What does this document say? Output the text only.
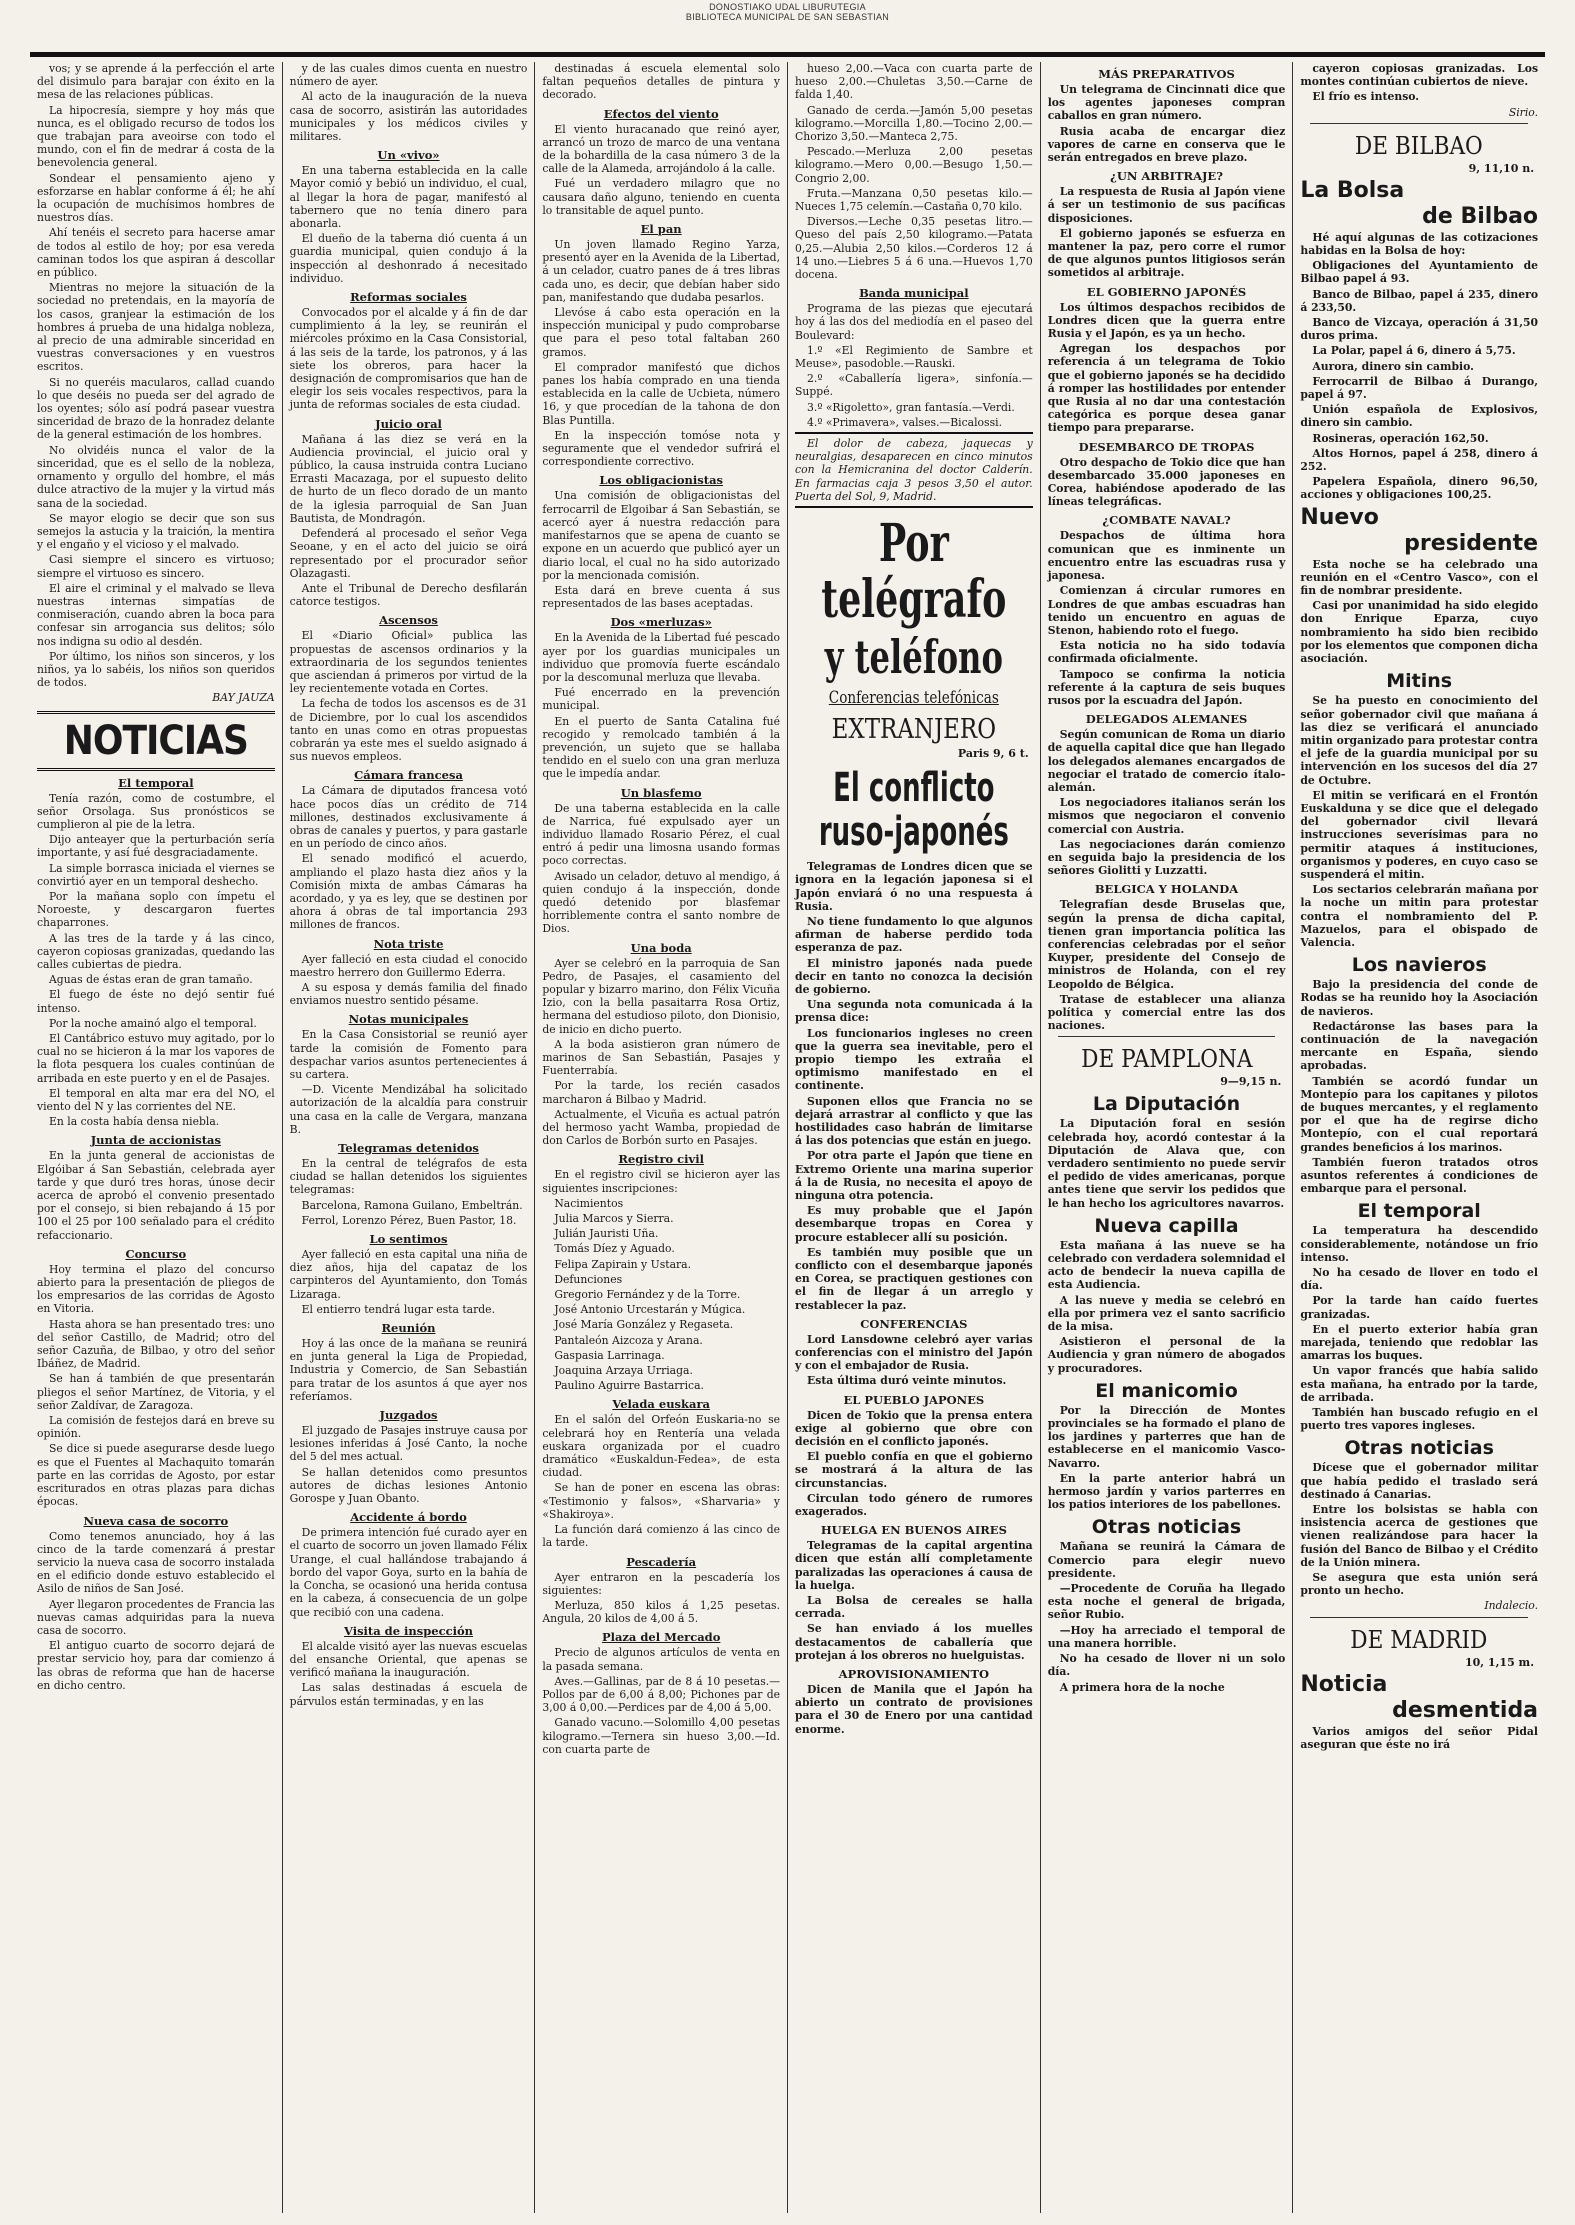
DONOSTIAKO UDAL LIBURUTEGIA
BIBLIOTECA MUNICIPAL DE SAN SEBASTIAN

vos; y se aprende á la perfección el arte del disimulo para barajar con éxito en la mesa de las relaciones públicas.

La hipocresía, siempre y hoy más que nunca, es el obligado recurso de todos los que trabajan para aveoirse con todo el mundo, con el fin de medrar á costa de la benevolencia general.

Sondear el pensamiento ajeno y esforzarse en hablar conforme á él; he ahí la ocupación de muchísimos hombres de nuestros días.

Ahí tenéis el secreto para hacerse amar de todos al estilo de hoy; por esa vereda caminan todos los que aspiran á descollar en público.

Mientras no mejore la situación de la sociedad no pretendais, en la mayoría de los casos, granjear la estimación de los hombres á prueba de una hidalga nobleza, al precio de una admirable sinceridad en vuestras conversaciones y en vuestros escritos.

Si no queréis macularos, callad cuando lo que deséis no pueda ser del agrado de los oyentes; sólo así podrá pasear vuestra sinceridad de brazo de la honradez delante de la general estimación de los hombres.

No olvidéis nunca el valor de la sinceridad, que es el sello de la nobleza, ornamento y orgullo del hombre, el más dulce atractivo de la mujer y la virtud más sana de la sociedad.

Se mayor elogio se decir que son sus semejos la astucia y la traición, la mentira y el engaño y el vicioso y el malvado.

Casi siempre el sincero es virtuoso; siempre el virtuoso es sincero.

El aire el criminal y el malvado se lleva nuestras internas simpatías de conmiseración, cuando abren la boca para confesar sin arrogancia sus delitos; sólo nos indigna su odio al desdén.

Por último, los niños son sinceros, y los niños, ya lo sabéis, los niños son queridos de todos.

BAY JAUZA

NOTICIAS
El temporal

Tenía razón, como de costumbre, el señor Orsolaga. Sus pronósticos se cumplieron al pie de la letra.

Dijo anteayer que la perturbación sería importante, y así fué desgraciadamente.

La simple borrasca iniciada el viernes se convirtió ayer en un temporal deshecho.

Por la mañana soplo con ímpetu el Noroeste, y descargaron fuertes chaparrones.

A las tres de la tarde y á las cinco, cayeron copiosas granizadas, quedando las calles cubiertas de piedra.

Aguas de éstas eran de gran tamaño.

El fuego de éste no dejó sentir fué intenso.

Por la noche amainó algo el temporal.

El Cantábrico estuvo muy agitado, por lo cual no se hicieron á la mar los vapores de la flota pesquera los cuales continúan de arribada en este puerto y en el de Pasajes.

El temporal en alta mar era del NO, el viento del N y las corrientes del NE.

En la costa había densa niebla.

Junta de accionistas

En la junta general de accionistas de Elgóibar á San Sebastián, celebrada ayer tarde y que duró tres horas, únose decir acerca de aprobó el convenio presentado por el consejo, si bien rebajando á 15 por 100 el 25 por 100 señalado para el crédito refaccionario.

Concurso

Hoy termina el plazo del concurso abierto para la presentación de pliegos de los empresarios de las corridas de Agosto en Vitoria.

Hasta ahora se han presentado tres: uno del señor Castillo, de Madrid; otro del señor Cazuña, de Bilbao, y otro del señor Ibáñez, de Madrid.

Se han á también de que presentarán pliegos el señor Martínez, de Vitoria, y el señor Zaldívar, de Zaragoza.

La comisión de festejos dará en breve su opinión.

Se dice si puede asegurarse desde luego es que el Fuentes al Machaquito tomarán parte en las corridas de Agosto, por estar escriturados en otras plazas para dichas épocas.

Nueva casa de socorro

Como tenemos anunciado, hoy á las cinco de la tarde comenzará á prestar servicio la nueva casa de socorro instalada en el edificio donde estuvo establecido el Asilo de niños de San José.

Ayer llegaron procedentes de Francia las nuevas camas adquiridas para la nueva casa de socorro.

El antiguo cuarto de socorro dejará de prestar servicio hoy, para dar comienzo á las obras de reforma que han de hacerse en dicho centro.

y de las cuales dimos cuenta en nuestro número de ayer.

Al acto de la inauguración de la nueva casa de socorro, asistirán las autoridades municipales y los médicos civiles y militares.

Un «vivo»

En una taberna establecida en la calle Mayor comió y bebió un individuo, el cual, al llegar la hora de pagar, manifestó al tabernero que no tenía dinero para abonarla.

El dueño de la taberna dió cuenta á un guardia municipal, quien condujo á la inspección al deshonrado á necesitado individuo.

Reformas sociales

Convocados por el alcalde y á fin de dar cumplimiento á la ley, se reunirán el miércoles próximo en la Casa Consistorial, á las seis de la tarde, los patronos, y á las siete los obreros, para hacer la designación de compromisarios que han de elegir los seis vocales respectivos, para la junta de reformas sociales de esta ciudad.

Juicio oral

Mañana á las diez se verá en la Audiencia provincial, el juicio oral y público, la causa instruida contra Luciano Errasti Macazaga, por el supuesto delito de hurto de un fleco dorado de un manto de la iglesia parroquial de San Juan Bautista, de Mondragón.

Defenderá al procesado el señor Vega Seoane, y en el acto del juicio se oirá representado por el procurador señor Olazagasti.

Ante el Tribunal de Derecho desfilarán catorce testigos.

Ascensos

El «Diario Oficial» publica las propuestas de ascensos ordinarios y la extraordinaria de los segundos tenientes que asciendan á primeros por virtud de la ley recientemente votada en Cortes.

La fecha de todos los ascensos es de 31 de Diciembre, por lo cual los ascendidos tanto en unas como en otras propuestas cobrarán ya este mes el sueldo asignado á sus nuevos empleos.

Cámara francesa

La Cámara de diputados francesa votó hace pocos días un crédito de 714 millones, destinados exclusivamente á obras de canales y puertos, y para gastarle en un período de cinco años.

El senado modificó el acuerdo, ampliando el plazo hasta diez años y la Comisión mixta de ambas Cámaras ha acordado, y ya es ley, que se destinen por ahora á obras de tal importancia 293 millones de francos.

Nota triste

Ayer falleció en esta ciudad el conocido maestro herrero don Guillermo Ederra.

A su esposa y demás familia del finado enviamos nuestro sentido pésame.

Notas municipales

En la Casa Consistorial se reunió ayer tarde la comisión de Fomento para despachar varios asuntos pertenecientes á su cartera.

—D. Vicente Mendizábal ha solicitado autorización de la alcaldía para construir una casa en la calle de Vergara, manzana B.

Telegramas detenidos

En la central de telégrafos de esta ciudad se hallan detenidos los siguientes telegramas:

Barcelona, Ramona Guilano, Embeltrán.

Ferrol, Lorenzo Pérez, Buen Pastor, 18.

Lo sentimos

Ayer falleció en esta capital una niña de diez años, hija del capataz de los carpinteros del Ayuntamiento, don Tomás Lizaraga.

El entierro tendrá lugar esta tarde.

Reunión

Hoy á las once de la mañana se reunirá en junta general la Liga de Propiedad, Industria y Comercio, de San Sebastián para tratar de los asuntos á que ayer nos referíamos.

Juzgados

El juzgado de Pasajes instruye causa por lesiones inferidas á José Canto, la noche del 5 del mes actual.

Se hallan detenidos como presuntos autores de dichas lesiones Antonio Gorospe y Juan Obanto.

Accidente á bordo

De primera intención fué curado ayer en el cuarto de socorro un joven llamado Félix Urange, el cual hallándose trabajando á bordo del vapor Goya, surto en la bahía de la Concha, se ocasionó una herida contusa en la cabeza, á consecuencia de un golpe que recibió con una cadena.

Visita de inspección

El alcalde visitó ayer las nuevas escuelas del ensanche Oriental, que apenas se verificó mañana la inauguración.

Las salas destinadas á escuela de párvulos están terminadas, y en las

destinadas á escuela elemental solo faltan pequeños detalles de pintura y decorado.

Efectos del viento

El viento huracanado que reinó ayer, arrancó un trozo de marco de una ventana de la bohardilla de la casa número 3 de la calle de la Alameda, arrojándolo á la calle.

Fué un verdadero milagro que no causara daño alguno, teniendo en cuenta lo transitable de aquel punto.

El pan

Un joven llamado Regino Yarza, presentó ayer en la Avenida de la Libertad, á un celador, cuatro panes de á tres libras cada uno, es decir, que debían haber sido pan, manifestando que dudaba pesarlos.

Llevóse á cabo esta operación en la inspección municipal y pudo comprobarse que para el peso total faltaban 260 gramos.

El comprador manifestó que dichos panes los había comprado en una tienda establecida en la calle de Ucbieta, número 16, y que procedían de la tahona de don Blas Puntilla.

En la inspección tomóse nota y seguramente que el vendedor sufrirá el correspondiente correctivo.

Los obligacionistas

Una comisión de obligacionistas del ferrocarril de Elgoibar á San Sebastián, se acercó ayer á nuestra redacción para manifestarnos que se apena de cuanto se expone en un acuerdo que publicó ayer un diario local, el cual no ha sido autorizado por la mencionada comisión.

Esta dará en breve cuenta á sus representados de las bases aceptadas.

Dos «merluzas»

En la Avenida de la Libertad fué pescado ayer por los guardias municipales un individuo que promovía fuerte escándalo por la descomunal merluza que llevaba.

Fué encerrado en la prevención municipal.

En el puerto de Santa Catalina fué recogido y remolcado también á la prevención, un sujeto que se hallaba tendido en el suelo con una gran merluza que le impedía andar.

Un blasfemo

De una taberna establecida en la calle de Narrica, fué expulsado ayer un individuo llamado Rosario Pérez, el cual entró á pedir una limosna usando formas poco correctas.

Avisado un celador, detuvo al mendigo, á quien condujo á la inspección, donde quedó detenido por blasfemar horriblemente contra el santo nombre de Dios.

Una boda

Ayer se celebró en la parroquia de San Pedro, de Pasajes, el casamiento del popular y bizarro marino, don Félix Vicuña Izio, con la bella pasaitarra Rosa Ortiz, hermana del estudioso piloto, don Dionisio, de inicio en dicho puerto.

A la boda asistieron gran número de marinos de San Sebastián, Pasajes y Fuenterrabía.

Por la tarde, los recién casados marcharon á Bilbao y Madrid.

Actualmente, el Vicuña es actual patrón del hermoso yacht Wamba, propiedad de don Carlos de Borbón surto en Pasajes.

Registro civil

En el registro civil se hicieron ayer las siguientes inscripciones:

Nacimientos

Julia Marcos y Sierra.

Julián Jauristi Uña.

Tomás Díez y Aguado.

Felipa Zapirain y Ustara.

Defunciones

Gregorio Fernández y de la Torre.

José Antonio Urcestarán y Múgica.

José María González y Regaseta.

Pantaleón Aizcoza y Arana.

Gaspasia Larrinaga.

Joaquina Arzaya Urriaga.

Paulino Aguirre Bastarrica.

Velada euskara

En el salón del Orfeón Euskaria-no se celebrará hoy en Rentería una velada euskara organizada por el cuadro dramático «Euskaldun-Fedea», de esta ciudad.

Se han de poner en escena las obras: «Testimonio y falsos», «Sharvaria» y «Shakiroya».

La función dará comienzo á las cinco de la tarde.

Pescadería

Ayer entraron en la pescadería los siguientes:

Merluza, 850 kilos á 1,25 pesetas. Angula, 20 kilos de 4,00 á 5.

Plaza del Mercado

Precio de algunos artículos de venta en la pasada semana.

Aves.—Gallinas, par de 8 á 10 pesetas.—Pollos par de 6,00 á 8,00; Pichones par de 3,00 á 0,00.—Perdices par de 4,00 á 5,00.

Ganado vacuno.—Solomillo 4,00 pesetas kilogramo.—Ternera sin hueso 3,00.—Id. con cuarta parte de

hueso 2,00.—Vaca con cuarta parte de hueso 2,00.—Chuletas 3,50.—Carne de falda 1,40.

Ganado de cerda.—Jamón 5,00 pesetas kilogramo.—Morcilla 1,80.—Tocino 2,00.—Chorizo 3,50.—Manteca 2,75.

Pescado.—Merluza 2,00 pesetas kilogramo.—Mero 0,00.—Besugo 1,50.—Congrio 2,00.

Fruta.—Manzana 0,50 pesetas kilo.—Nueces 1,75 celemín.—Castaña 0,70 kilo.

Diversos.—Leche 0,35 pesetas litro.—Queso del país 2,50 kilogramo.—Patata 0,25.—Alubia 2,50 kilos.—Corderos 12 á 14 uno.—Liebres 5 á 6 una.—Huevos 1,70 docena.

Banda municipal

Programa de las piezas que ejecutará hoy á las dos del mediodía en el paseo del Boulevard:

1.º «El Regimiento de Sambre et Meuse», pasodoble.—Rauski.

2.º «Caballería ligera», sinfonía.—Suppé.

3.º «Rigoletto», gran fantasía.—Verdi.

4.º «Primavera», valses.—Bicalossi.

El dolor de cabeza, jaquecas y neuralgias, desaparecen en cinco minutos con la Hemicranina del doctor Calderín. En farmacias caja 3 pesos 3,50 el autor. Puerta del Sol, 9, Madrid.

Por telégrafo
y teléfono
Conferencias telefónicas
EXTRANJERO
Paris 9, 6 t.
El conflicto
ruso-japonés

Telegramas de Londres dicen que se ignora en la legación japonesa si el Japón enviará ó no una respuesta á Rusia.

No tiene fundamento lo que algunos afirman de haberse perdido toda esperanza de paz.

El ministro japonés nada puede decir en tanto no conozca la decisión de gobierno.

Una segunda nota comunicada á la prensa dice:

Los funcionarios ingleses no creen que la guerra sea inevitable, pero el propio tiempo les extraña el optimismo manifestado en el continente.

Suponen ellos que Francia no se dejará arrastrar al conflicto y que las hostilidades caso habrán de limitarse á las dos potencias que están en juego.

Por otra parte el Japón que tiene en Extremo Oriente una marina superior á la de Rusia, no necesita el apoyo de ninguna otra potencia.

Es muy probable que el Japón desembarque tropas en Corea y procure establecer allí su posición.

Es también muy posible que un conflicto con el desembarque japonés en Corea, se practiquen gestiones con el fin de llegar á un arreglo y restablecer la paz.

CONFERENCIAS

Lord Lansdowne celebró ayer varias conferencias con el ministro del Japón y con el embajador de Rusia.

Esta última duró veinte minutos.

EL PUEBLO JAPONES

Dicen de Tokio que la prensa entera exige al gobierno que obre con decisión en el conflicto japonés.

El pueblo confía en que el gobierno se mostrará á la altura de las circunstancias.

Circulan todo género de rumores exagerados.

HUELGA EN BUENOS AIRES

Telegramas de la capital argentina dicen que están allí completamente paralizadas las operaciones á causa de la huelga.

La Bolsa de cereales se halla cerrada.

Se han enviado á los muelles destacamentos de caballería que protejan á los obreros no huelguistas.

APROVISIONAMIENTO

Dicen de Manila que el Japón ha abierto un contrato de provisiones para el 30 de Enero por una cantidad enorme.

MÁS PREPARATIVOS

Un telegrama de Cincinnati dice que los agentes japoneses compran caballos en gran número.

Rusia acaba de encargar diez vapores de carne en conserva que le serán entregados en breve plazo.

¿UN ARBITRAJE?

La respuesta de Rusia al Japón viene á ser un testimonio de sus pacíficas disposiciones.

El gobierno japonés se esfuerza en mantener la paz, pero corre el rumor de que algunos puntos litigiosos serán sometidos al arbitraje.

EL GOBIERNO JAPONÉS

Los últimos despachos recibidos de Londres dicen que la guerra entre Rusia y el Japón, es ya un hecho.

Agregan los despachos por referencia á un telegrama de Tokio que el gobierno japonés se ha decidido á romper las hostilidades por entender que Rusia al no dar una contestación categórica es porque desea ganar tiempo para prepararse.

DESEMBARCO DE TROPAS

Otro despacho de Tokio dice que han desembarcado 35.000 japoneses en Corea, habiéndose apoderado de las líneas telegráficas.

¿COMBATE NAVAL?

Despachos de última hora comunican que es inminente un encuentro entre las escuadras rusa y japonesa.

Comienzan á circular rumores en Londres de que ambas escuadras han tenido un encuentro en aguas de Stenon, habiendo roto el fuego.

Esta noticia no ha sido todavía confirmada oficialmente.

Tampoco se confirma la noticia referente á la captura de seis buques rusos por la escuadra del Japón.

DELEGADOS ALEMANES

Según comunican de Roma un diario de aquella capital dice que han llegado los delegados alemanes encargados de negociar el tratado de comercio ítalo-alemán.

Los negociadores italianos serán los mismos que negociaron el convenio comercial con Austria.

Las negociaciones darán comienzo en seguida bajo la presidencia de los señores Giolitti y Luzzatti.

BELGICA Y HOLANDA

Telegrafían desde Bruselas que, según la prensa de dicha capital, tienen gran importancia política las conferencias celebradas por el señor Kuyper, presidente del Consejo de ministros de Holanda, con el rey Leopoldo de Bélgica.

Tratase de establecer una alianza política y comercial entre las dos naciones.

DE PAMPLONA
9—9,15 n.
La Diputación

La Diputación foral en sesión celebrada hoy, acordó contestar á la Diputación de Alava que, con verdadero sentimiento no puede servir el pedido de vides americanas, porque antes tiene que servir los pedidos que le han hecho los agricultores navarros.

Nueva capilla

Esta mañana á las nueve se ha celebrado con verdadera solemnidad el acto de bendecir la nueva capilla de esta Audiencia.

A las nueve y media se celebró en ella por primera vez el santo sacrificio de la misa.

Asistieron el personal de la Audiencia y gran número de abogados y procuradores.

El manicomio

Por la Dirección de Montes provinciales se ha formado el plano de los jardines y parterres que han de establecerse en el manicomio Vasco-Navarro.

En la parte anterior habrá un hermoso jardín y varios parterres en los patios interiores de los pabellones.

Otras noticias

Mañana se reunirá la Cámara de Comercio para elegir nuevo presidente.

—Procedente de Coruña ha llegado esta noche el general de brigada, señor Rubio.

—Hoy ha arreciado el temporal de una manera horrible.

No ha cesado de llover ni un solo día.

A primera hora de la noche

cayeron copiosas granizadas. Los montes continúan cubiertos de nieve.

El frío es intenso.

Sirio.

DE BILBAO
9, 11,10 n.
La Bolsa
de Bilbao

Hé aquí algunas de las cotizaciones habidas en la Bolsa de hoy:

Obligaciones del Ayuntamiento de Bilbao papel á 93.

Banco de Bilbao, papel á 235, dinero á 233,50.

Banco de Vizcaya, operación á 31,50 duros prima.

La Polar, papel á 6, dinero á 5,75.

Aurora, dinero sin cambio.

Ferrocarril de Bilbao á Durango, papel á 97.

Unión española de Explosivos, dinero sin cambio.

Rosineras, operación 162,50.

Altos Hornos, papel á 258, dinero á 252.

Papelera Española, dinero 96,50, acciones y obligaciones 100,25.

Nuevo
presidente

Esta noche se ha celebrado una reunión en el «Centro Vasco», con el fin de nombrar presidente.

Casi por unanimidad ha sido elegido don Enrique Eparza, cuyo nombramiento ha sido bien recibido por los elementos que componen dicha asociación.

Mitins

Se ha puesto en conocimiento del señor gobernador civil que mañana á las diez se verificará el anunciado mitin organizado para protestar contra el jefe de la guardia municipal por su intervención en los sucesos del día 27 de Octubre.

El mitin se verificará en el Frontón Euskalduna y se dice que el delegado del gobernador civil llevará instrucciones severísimas para no permitir ataques á instituciones, organismos y poderes, en cuyo caso se suspenderá el mitin.

Los sectarios celebrarán mañana por la noche un mitin para protestar contra el nombramiento del P. Mazuelos, para el obispado de Valencia.

Los navieros

Bajo la presidencia del conde de Rodas se ha reunido hoy la Asociación de navieros.

Redactáronse las bases para la continuación de la navegación mercante en España, siendo aprobadas.

También se acordó fundar un Montepío para los capitanes y pilotos de buques mercantes, y el reglamento por el que ha de regirse dicho Montepío, con el cual reportará grandes beneficios á los marinos.

También fueron tratados otros asuntos referentes á condiciones de embarque para el personal.

El temporal

La temperatura ha descendido considerablemente, notándose un frío intenso.

No ha cesado de llover en todo el día.

Por la tarde han caído fuertes granizadas.

En el puerto exterior había gran marejada, teniendo que redoblar las amarras los buques.

Un vapor francés que había salido esta mañana, ha entrado por la tarde, de arribada.

También han buscado refugio en el puerto tres vapores ingleses.

Otras noticias

Dícese que el gobernador militar que había pedido el traslado será destinado á Canarias.

Entre los bolsistas se habla con insistencia acerca de gestiones que vienen realizándose para hacer la fusión del Banco de Bilbao y el Crédito de la Unión minera.

Se asegura que esta unión será pronto un hecho.

Indalecio.

DE MADRID
10, 1,15 m.
Noticia
desmentida

Varios amigos del señor Pidal aseguran que éste no irá
